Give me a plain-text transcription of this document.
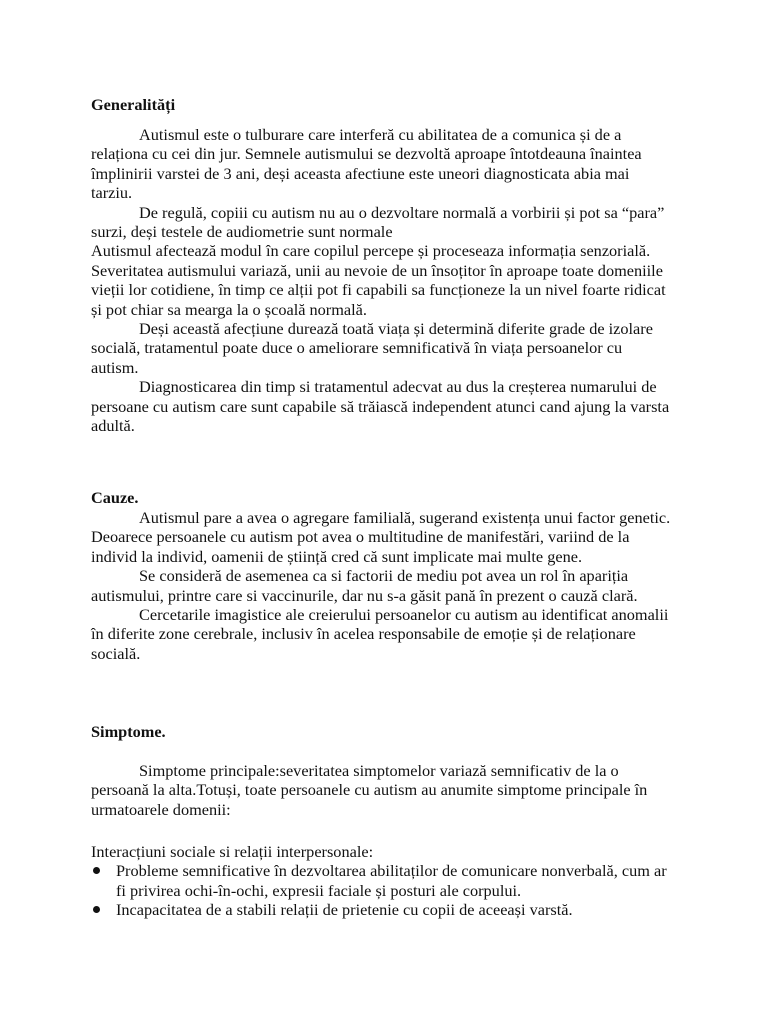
Generalități

Autismul este o tulburare care interferă cu abilitatea de a comunica și de a relaționa cu cei din jur. Semnele autismului se dezvoltă aproape întotdeauna înaintea împlinirii varstei de 3 ani, deși aceasta afectiune este uneori diagnosticata abia mai tarziu.

De regulă, copiii cu autism nu au o dezvoltare normală a vorbirii și pot sa “para” surzi, deși testele de audiometrie sunt normale

Autismul afectează modul în care copilul percepe și proceseaza informația senzorială. Severitatea autismului variază, unii au nevoie de un însoțitor în aproape toate domeniile vieții lor cotidiene, în timp ce alții pot fi capabili sa funcționeze la un nivel foarte ridicat și pot chiar sa mearga la o școală normală.

Deși această afecțiune durează toată viața și determină diferite grade de izolare socială, tratamentul poate duce o ameliorare semnificativă în viața persoanelor cu autism.

Diagnosticarea din timp si tratamentul adecvat au dus la creșterea numarului de persoane cu autism care sunt capabile să trăiască independent atunci cand ajung la varsta adultă.

Cauze.

Autismul pare a avea o agregare familială, sugerand existența unui factor genetic. Deoarece persoanele cu autism pot avea o multitudine de manifestări, variind de la individ la individ, oamenii de știință cred că sunt implicate mai multe gene.

Se consideră de asemenea ca si factorii de mediu pot avea un rol în apariția autismului, printre care si vaccinurile, dar nu s-a găsit pană în prezent o cauză clară.

Cercetarile imagistice ale creierului persoanelor cu autism au identificat anomalii în diferite zone cerebrale, inclusiv în acelea responsabile de emoție și de relaționare socială.

Simptome.

Simptome principale:severitatea simptomelor variază semnificativ de la o persoană la alta.Totuși, toate persoanele cu autism au anumite simptome principale în urmatoarele domenii:

Interacțiuni sociale si relații interpersonale:

Probleme semnificative în dezvoltarea abilitaților de comunicare nonverbală, cum ar fi privirea ochi-în-ochi, expresii faciale și posturi ale corpului.
Incapacitatea de a stabili relații de prietenie cu copii de aceeași varstă.
